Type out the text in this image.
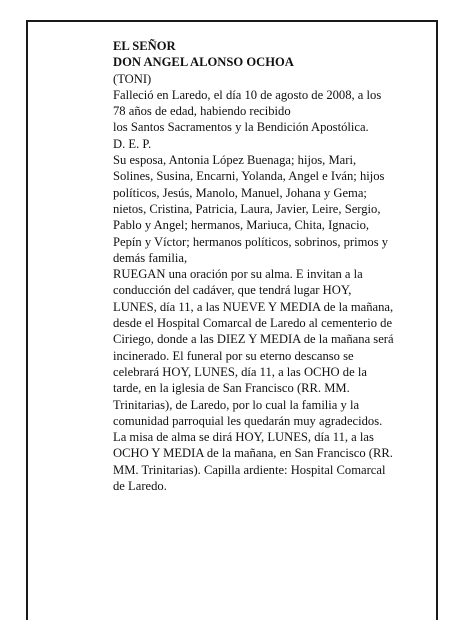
EL SEÑOR
DON ANGEL ALONSO OCHOA
(TONI)
Falleció en Laredo, el día 10 de agosto de 2008, a los
78 años de edad, habiendo recibido
los Santos Sacramentos y la Bendición Apostólica.
D. E. P.
Su esposa, Antonia López Buenaga; hijos, Mari,
Solines, Susina, Encarni, Yolanda, Angel e Iván; hijos
políticos, Jesús, Manolo, Manuel, Johana y Gema;
nietos, Cristina, Patricia, Laura, Javier, Leire, Sergio,
Pablo y Angel; hermanos, Mariuca, Chita, Ignacio,
Pepín y Víctor; hermanos políticos, sobrinos, primos y
demás familia,
RUEGAN una oración por su alma. E invitan a la
conducción del cadáver, que tendrá lugar HOY,
LUNES, día 11, a las NUEVE Y MEDIA de la mañana,
desde el Hospital Comarcal de Laredo al cementerio de
Ciriego, donde a las DIEZ Y MEDIA de la mañana será
incinerado. El funeral por su eterno descanso se
celebrará HOY, LUNES, día 11, a las OCHO de la
tarde, en la iglesia de San Francisco (RR. MM.
Trinitarias), de Laredo, por lo cual la familia y la
comunidad parroquial les quedarán muy agradecidos.
La misa de alma se dirá HOY, LUNES, día 11, a las
OCHO Y MEDIA de la mañana, en San Francisco (RR.
MM. Trinitarias). Capilla ardiente: Hospital Comarcal
de Laredo.
